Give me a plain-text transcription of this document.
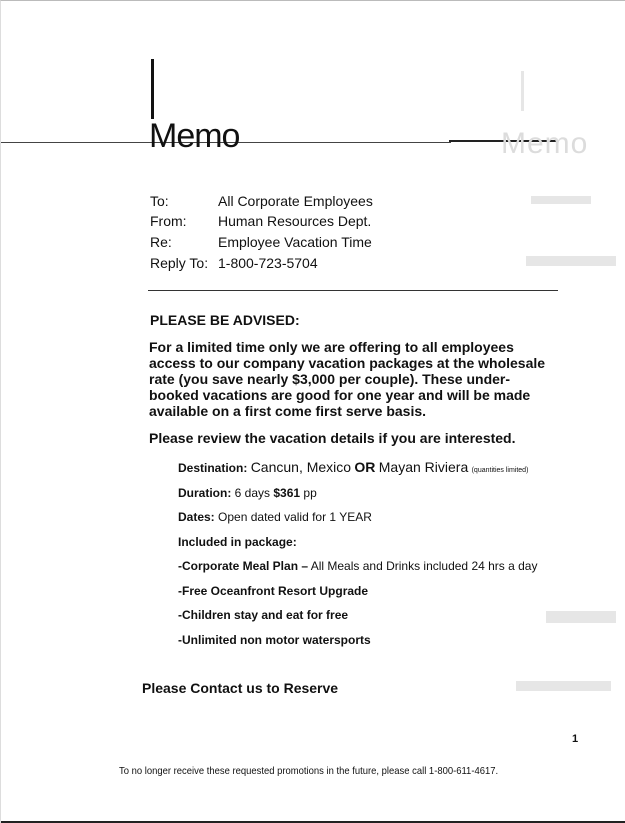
Memo	Memo
To:	All Corporate Employees
From: Human Resources Dept.
Re:	Employee Vacation Time
Reply To: 1-800-723-5704
PLEASE BE ADVISED:
For a limited time only we are offering to all employees access to our company vacation packages at the wholesale rate (you save nearly $3,000 per couple). These under-booked vacations are good for one year and will be made available on a first come first serve basis.
Please review the vacation details if you are interested.
Destination: Cancun, Mexico OR Mayan Riviera (quantities limited)
Duration: 6 days $361 pp
Dates: Open dated valid for 1 YEAR
Included in package:
-Corporate Meal Plan – All Meals and Drinks included 24 hrs a day
-Free Oceanfront Resort Upgrade
-Children stay and eat for free
-Unlimited non motor watersports
Please Contact us to Reserve
1
To no longer receive these requested promotions in the future, please call 1-800-611-4617.
